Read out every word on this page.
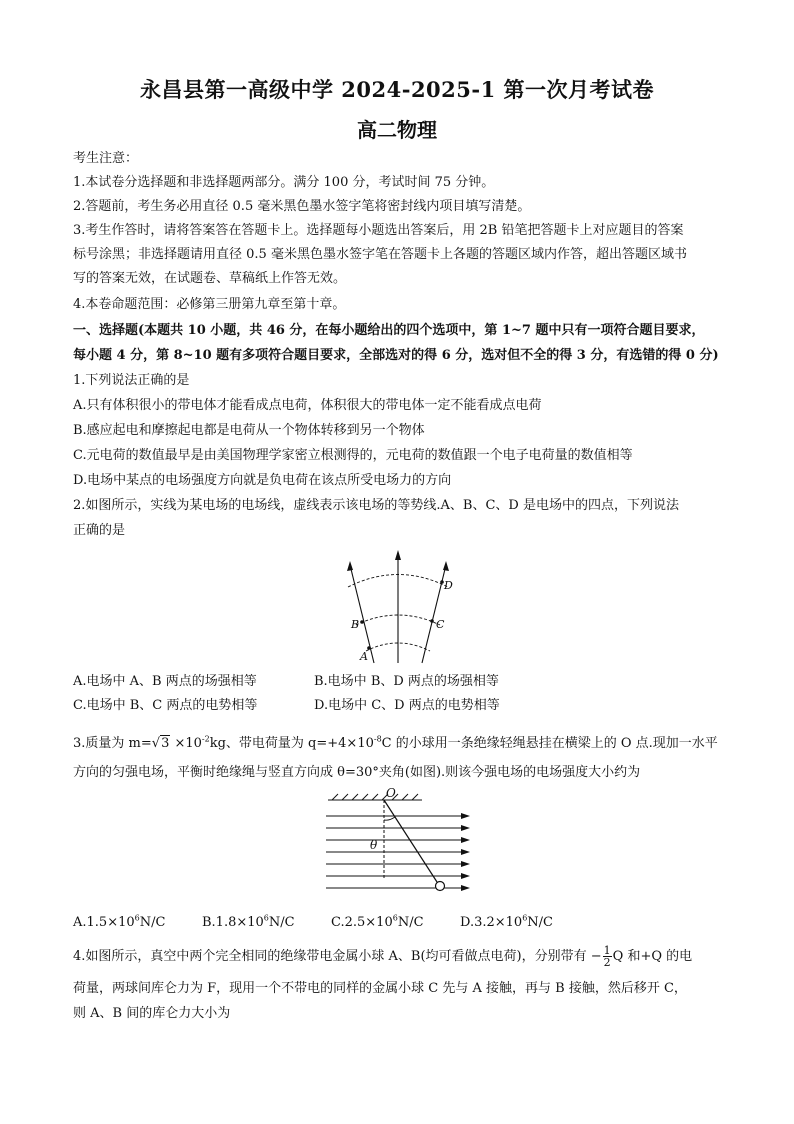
永昌县第一高级中学 2024-2025-1 第一次月考试卷
高二物理
考生注意：
1.本试卷分选择题和非选择题两部分。满分 100 分，考试时间 75 分钟。
2.答题前，考生务必用直径 0.5 毫米黑色墨水签字笔将密封线内项目填写清楚。
3.考生作答时，请将答案答在答题卡上。选择题每小题选出答案后，用 2B 铅笔把答题卡上对应题目的答案
标号涂黑；非选择题请用直径 0.5 毫米黑色墨水签字笔在答题卡上各题的答题区域内作答，超出答题区域书
写的答案无效，在试题卷、草稿纸上作答无效。
4.本卷命题范围：必修第三册第九章至第十章。
一、选择题(本题共 10 小题，共 46 分，在每小题给出的四个选项中，第 1~7 题中只有一项符合题目要求，
每小题 4 分，第 8~10 题有多项符合题目要求，全部选对的得 6 分，选对但不全的得 3 分，有选错的得 0 分)
1.下列说法正确的是
A.只有体积很小的带电体才能看成点电荷，体积很大的带电体一定不能看成点电荷
B.感应起电和摩擦起电都是电荷从一个物体转移到另一个物体
C.元电荷的数值最早是由美国物理学家密立根测得的，元电荷的数值跟一个电子电荷量的数值相等
D.电场中某点的电场强度方向就是负电荷在该点所受电场力的方向
2.如图所示，实线为某电场的电场线，虚线表示该电场的等势线.A、B、C、D 是电场中的四点，下列说法
正确的是
A
B	C
D
A.电场中 A、B 两点的场强相等	B.电场中 B、D 两点的场强相等
C.电场中 B、C 两点的电势相等	D.电场中 C、D 两点的电势相等
3.质量为 $m=√3 \times 10^{-2}kg$、带电荷量为 $q=+4\times 10^{-8}C$ 的小球用一条绝缘轻绳悬挂在横梁上的 O 点.现加一水平
方向的匀强电场，平衡时绝缘绳与竖直方向成 θ=30°夹角(如图).则该今强电场的电场强度大小约为
O
θ
$A.1.5\times 10^6N/C$	$B.1.8\times 10^6N/C$	$C.2.5\times 10^6N/C$	$D.3.2\times 10^6N/C$
4.如图所示，真空中两个完全相同的绝缘带电金属小球 A、B(均可看做点电荷)，分别带有 − $\frac{1}{2}$ Q 和+Q 的电
荷量，两球间库仑力为 F，现用一个不带电的同样的金属小球 C 先与 A 接触，再与 B 接触，然后移开 C，
则 A、B 间的库仑力大小为
